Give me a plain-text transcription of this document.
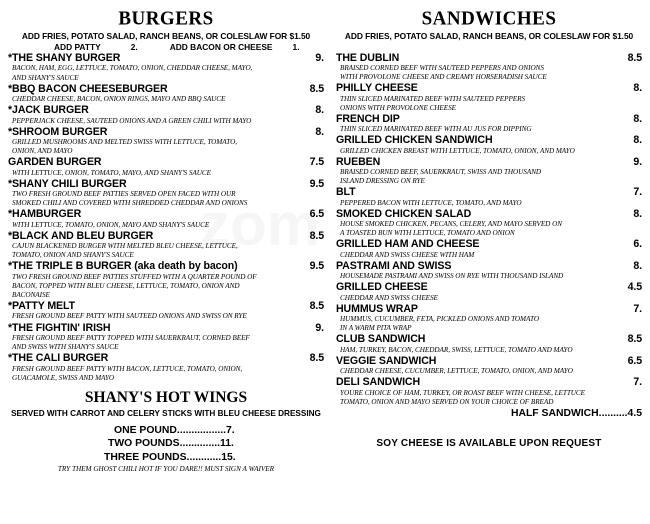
BURGERS
ADD FRIES, POTATO SALAD, RANCH BEANS, OR COLESLAW FOR $1.50
ADD PATTY	2.	ADD BACON OR CHEESE 1.
*THE SHANY BURGER	9.
BACON, HAM, EGG, LETTUCE, TOMATO, ONION, CHEDDAR CHEESE, MAYO,
AND SHANY'S SAUCE
*BBQ BACON CHEESEBURGER	8.5
CHEDDAR CHEESE, BACON, ONION RINGS, MAYO AND BBQ SAUCE
*JACK BURGER	8.
PEPPERJACK CHEESE, SAUTEED ONIONS AND A GREEN CHILI WITH MAYO
*SHROOM BURGER	8.
GRILLED MUSHROOMS AND MELTED SWISS WITH LETTUCE, TOMATO,
ONION, AND MAYO
GARDEN BURGER	7.5
WITH LETTUCE, ONION, TOMATO, MAYO, AND SHANY'S SAUCE
*SHANY CHILI BURGER	9.5
TWO FRESH GROUND BEEF PATTIES SERVED OPEN FACED WITH OUR
SMOKED CHILI AND COVERED WITH SHREDDED CHEDDAR AND ONIONS
*HAMBURGER	6.5
WITH LETTUCE, TOMATO, ONION, MAYO AND SHANY'S SAUCE
*BLACK AND BLEU BURGER	8.5
CAJUN BLACKENED BURGER WITH MELTED BLEU CHEESE, LETTUCE,
TOMATO, ONION AND SHANY'S SAUCE
*THE TRIPLE B BURGER (aka death by bacon)	9.5
TWO FRESH GROUND BEEF PATTIES STUFFED WITH A QUARTER POUND OF
BACON, TOPPED WITH BLEU CHEESE, LETTUCE, TOMATO, ONION AND
BACONAISE
*PATTY MELT	8.5
FRESH GROUND BEEF PATTY WITH SAUTEED ONIONS AND SWISS ON RYE
*THE FIGHTIN' IRISH	9.
FRESH GROUND BEEF PATTY TOPPED WITH SAUERKRAUT, CORNED BEEF
AND SWISS WITH SHANY'S SAUCE
*THE CALI BURGER	8.5
FRESH GROUND BEEF PATTY WITH BACON, LETTUCE, TOMATO, ONION,
GUACAMOLE, SWISS AND MAYO
SHANY'S HOT WINGS
SERVED WITH CARROT AND CELERY STICKS WITH BLEU CHEESE DRESSING
ONE POUND.................7.
TWO POUNDS..............11.
THREE POUNDS............15.
TRY THEM GHOST CHILI HOT IF YOU DARE!! MUST SIGN A WAIVER
SANDWICHES
ADD FRIES, POTATO SALAD, RANCH BEANS, OR COLESLAW FOR $1.50
THE DUBLIN	8.5
BRAISED CORNED BEEF WITH SAUTEED PEPPERS AND ONIONS
WITH PROVOLONE CHEESE AND CREAMY HORSERADISH SAUCE
PHILLY CHEESE	8.
THIN SLICED MARINATED BEEF WITH SAUTEED PEPPERS
ONIONS WITH PROVOLONE CHEESE
FRENCH DIP	8.
THIN SLICED MARINATED BEEF WITH AU JUS FOR DIPPING
GRILLED CHICKEN SANDWICH	8.
GRILLED CHICKEN BREAST WITH LETTUCE, TOMATO, ONION, AND MAYO
RUEBEN	9.
BRAISED CORNED BEEF, SAUERKRAUT, SWISS AND THOUSAND
ISLAND DRESSING ON RYE
BLT	7.
PEPPERED BACON WITH LETTUCE, TOMATO, AND MAYO
SMOKED CHICKEN SALAD	8.
HOUSE SMOKED CHICKEN, PECANS, CELERY, AND MAYO SERVED ON
A TOASTED BUN WITH LETTUCE, TOMATO AND ONION
GRILLED HAM AND CHEESE	6.
CHEDDAR AND SWISS CHEESE WITH HAM
PASTRAMI AND SWISS	8.
HOUSEMADE PASTRAMI AND SWISS ON RYE WITH THOUSAND ISLAND
GRILLED CHEESE	4.5
CHEDDAR AND SWISS CHEESE
HUMMUS WRAP	7.
HUMMUS, CUCUMBER, FETA, PICKLED ONIONS AND TOMATO
IN A WARM PITA WRAP
CLUB SANDWICH	8.5
HAM, TURKEY, BACON, CHEDDAR, SWISS, LETTUCE, TOMATO AND MAYO
VEGGIE SANDWICH	6.5
CHEDDAR CHEESE, CUCUMBER, LETTUCE, TOMATO, ONION, AND MAYO
DELI SANDWICH	7.
YOURE CHOICE OF HAM, TURKEY, OR ROAST BEEF WITH CHEESE, LETTUCE
TOMATO, ONION AND MAYO SERVED ON YOUR CHOICE OF BREAD
HALF SANDWICH..........4.5
SOY CHEESE IS AVAILABLE UPON REQUEST
